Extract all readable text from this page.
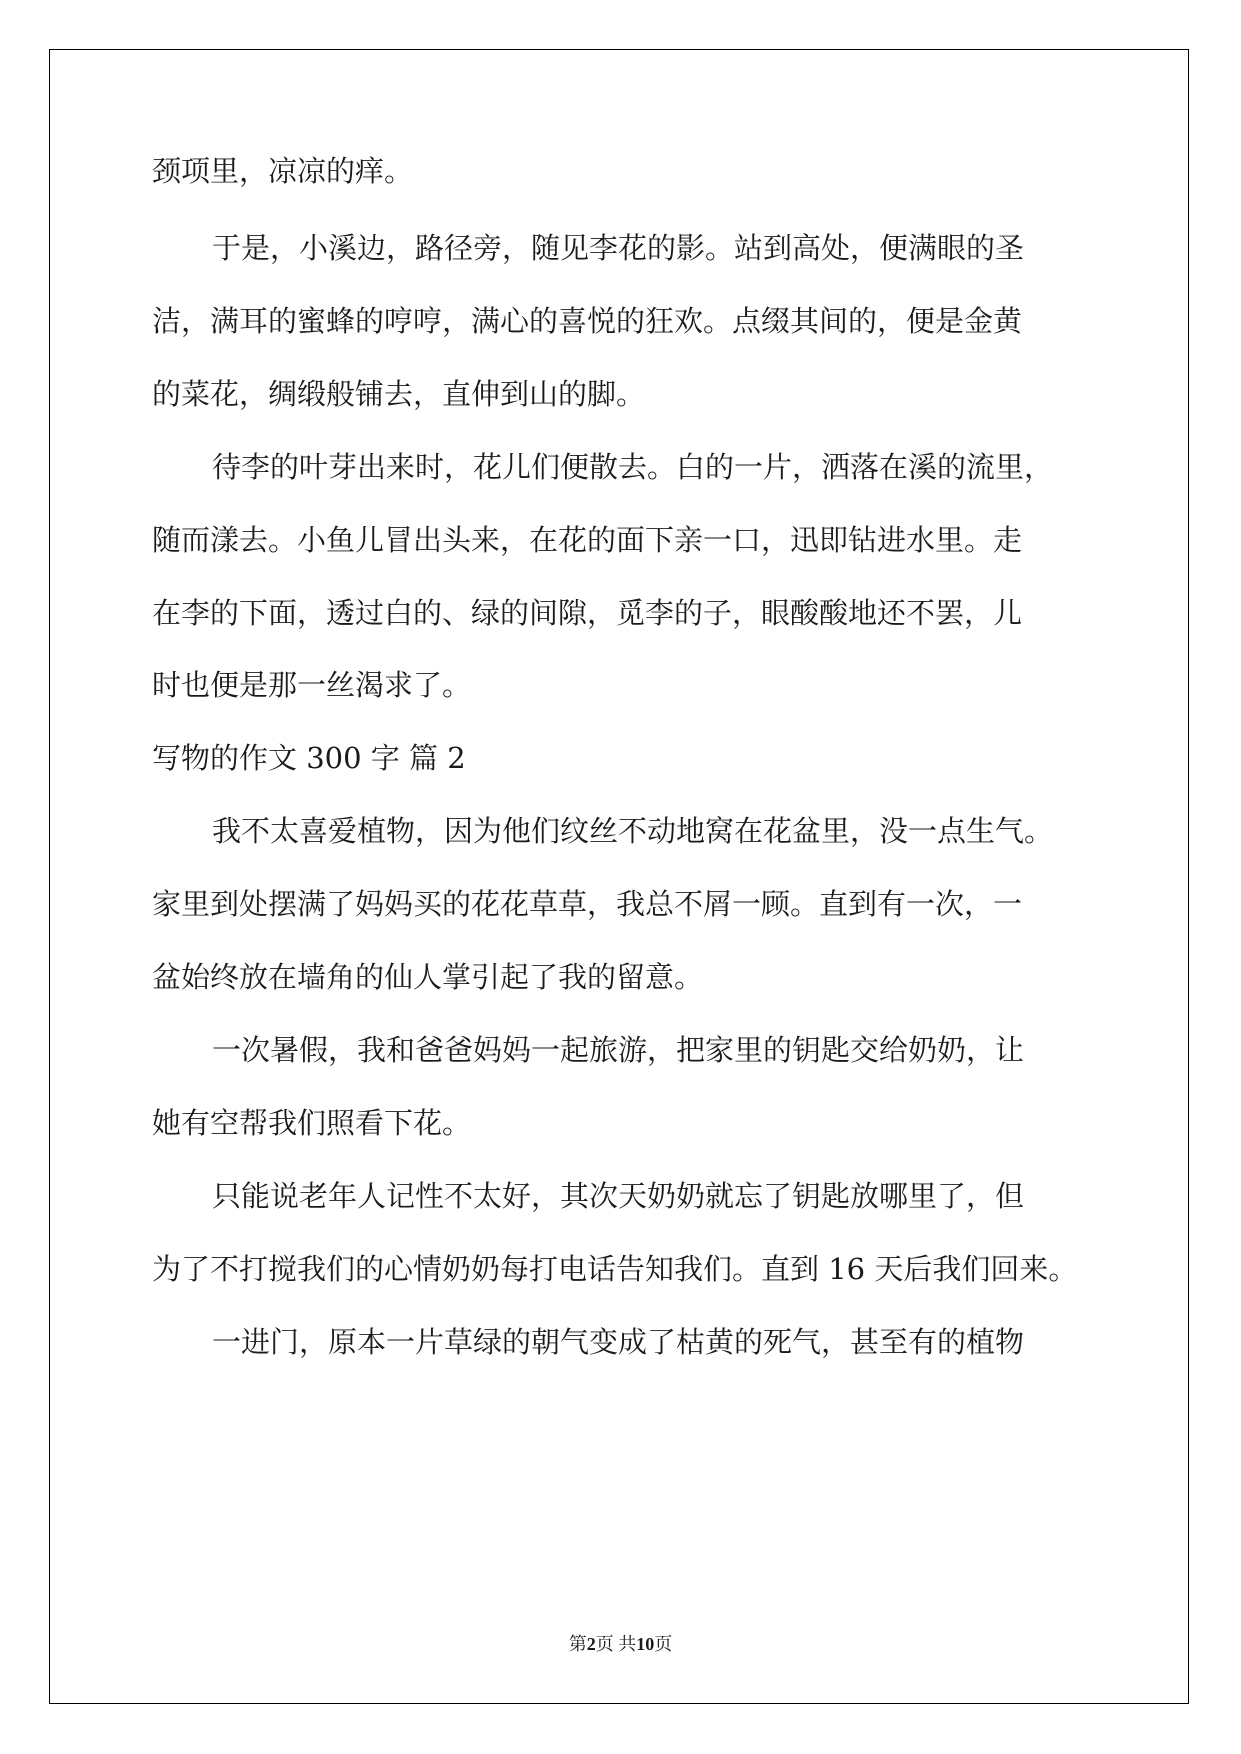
颈项里，凉凉的痒。

于是，小溪边，路径旁，随见李花的影。站到高处，便满眼的圣

洁，满耳的蜜蜂的哼哼，满心的喜悦的狂欢。点缀其间的，便是金黄

的菜花，绸缎般铺去，直伸到山的脚。

待李的叶芽出来时，花儿们便散去。白的一片，洒落在溪的流里，

随而漾去。小鱼儿冒出头来，在花的面下亲一口，迅即钻进水里。走

在李的下面，透过白的、绿的间隙，觅李的子，眼酸酸地还不罢，儿

时也便是那一丝渴求了。

写物的作文 300 字 篇 2

我不太喜爱植物，因为他们纹丝不动地窝在花盆里，没一点生气。

家里到处摆满了妈妈买的花花草草，我总不屑一顾。直到有一次，一

盆始终放在墙角的仙人掌引起了我的留意。

一次暑假，我和爸爸妈妈一起旅游，把家里的钥匙交给奶奶，让

她有空帮我们照看下花。

只能说老年人记性不太好，其次天奶奶就忘了钥匙放哪里了，但

为了不打搅我们的心情奶奶每打电话告知我们。直到 16 天后我们回来。

一进门，原本一片草绿的朝气变成了枯黄的死气，甚至有的植物

第2页 共10页
